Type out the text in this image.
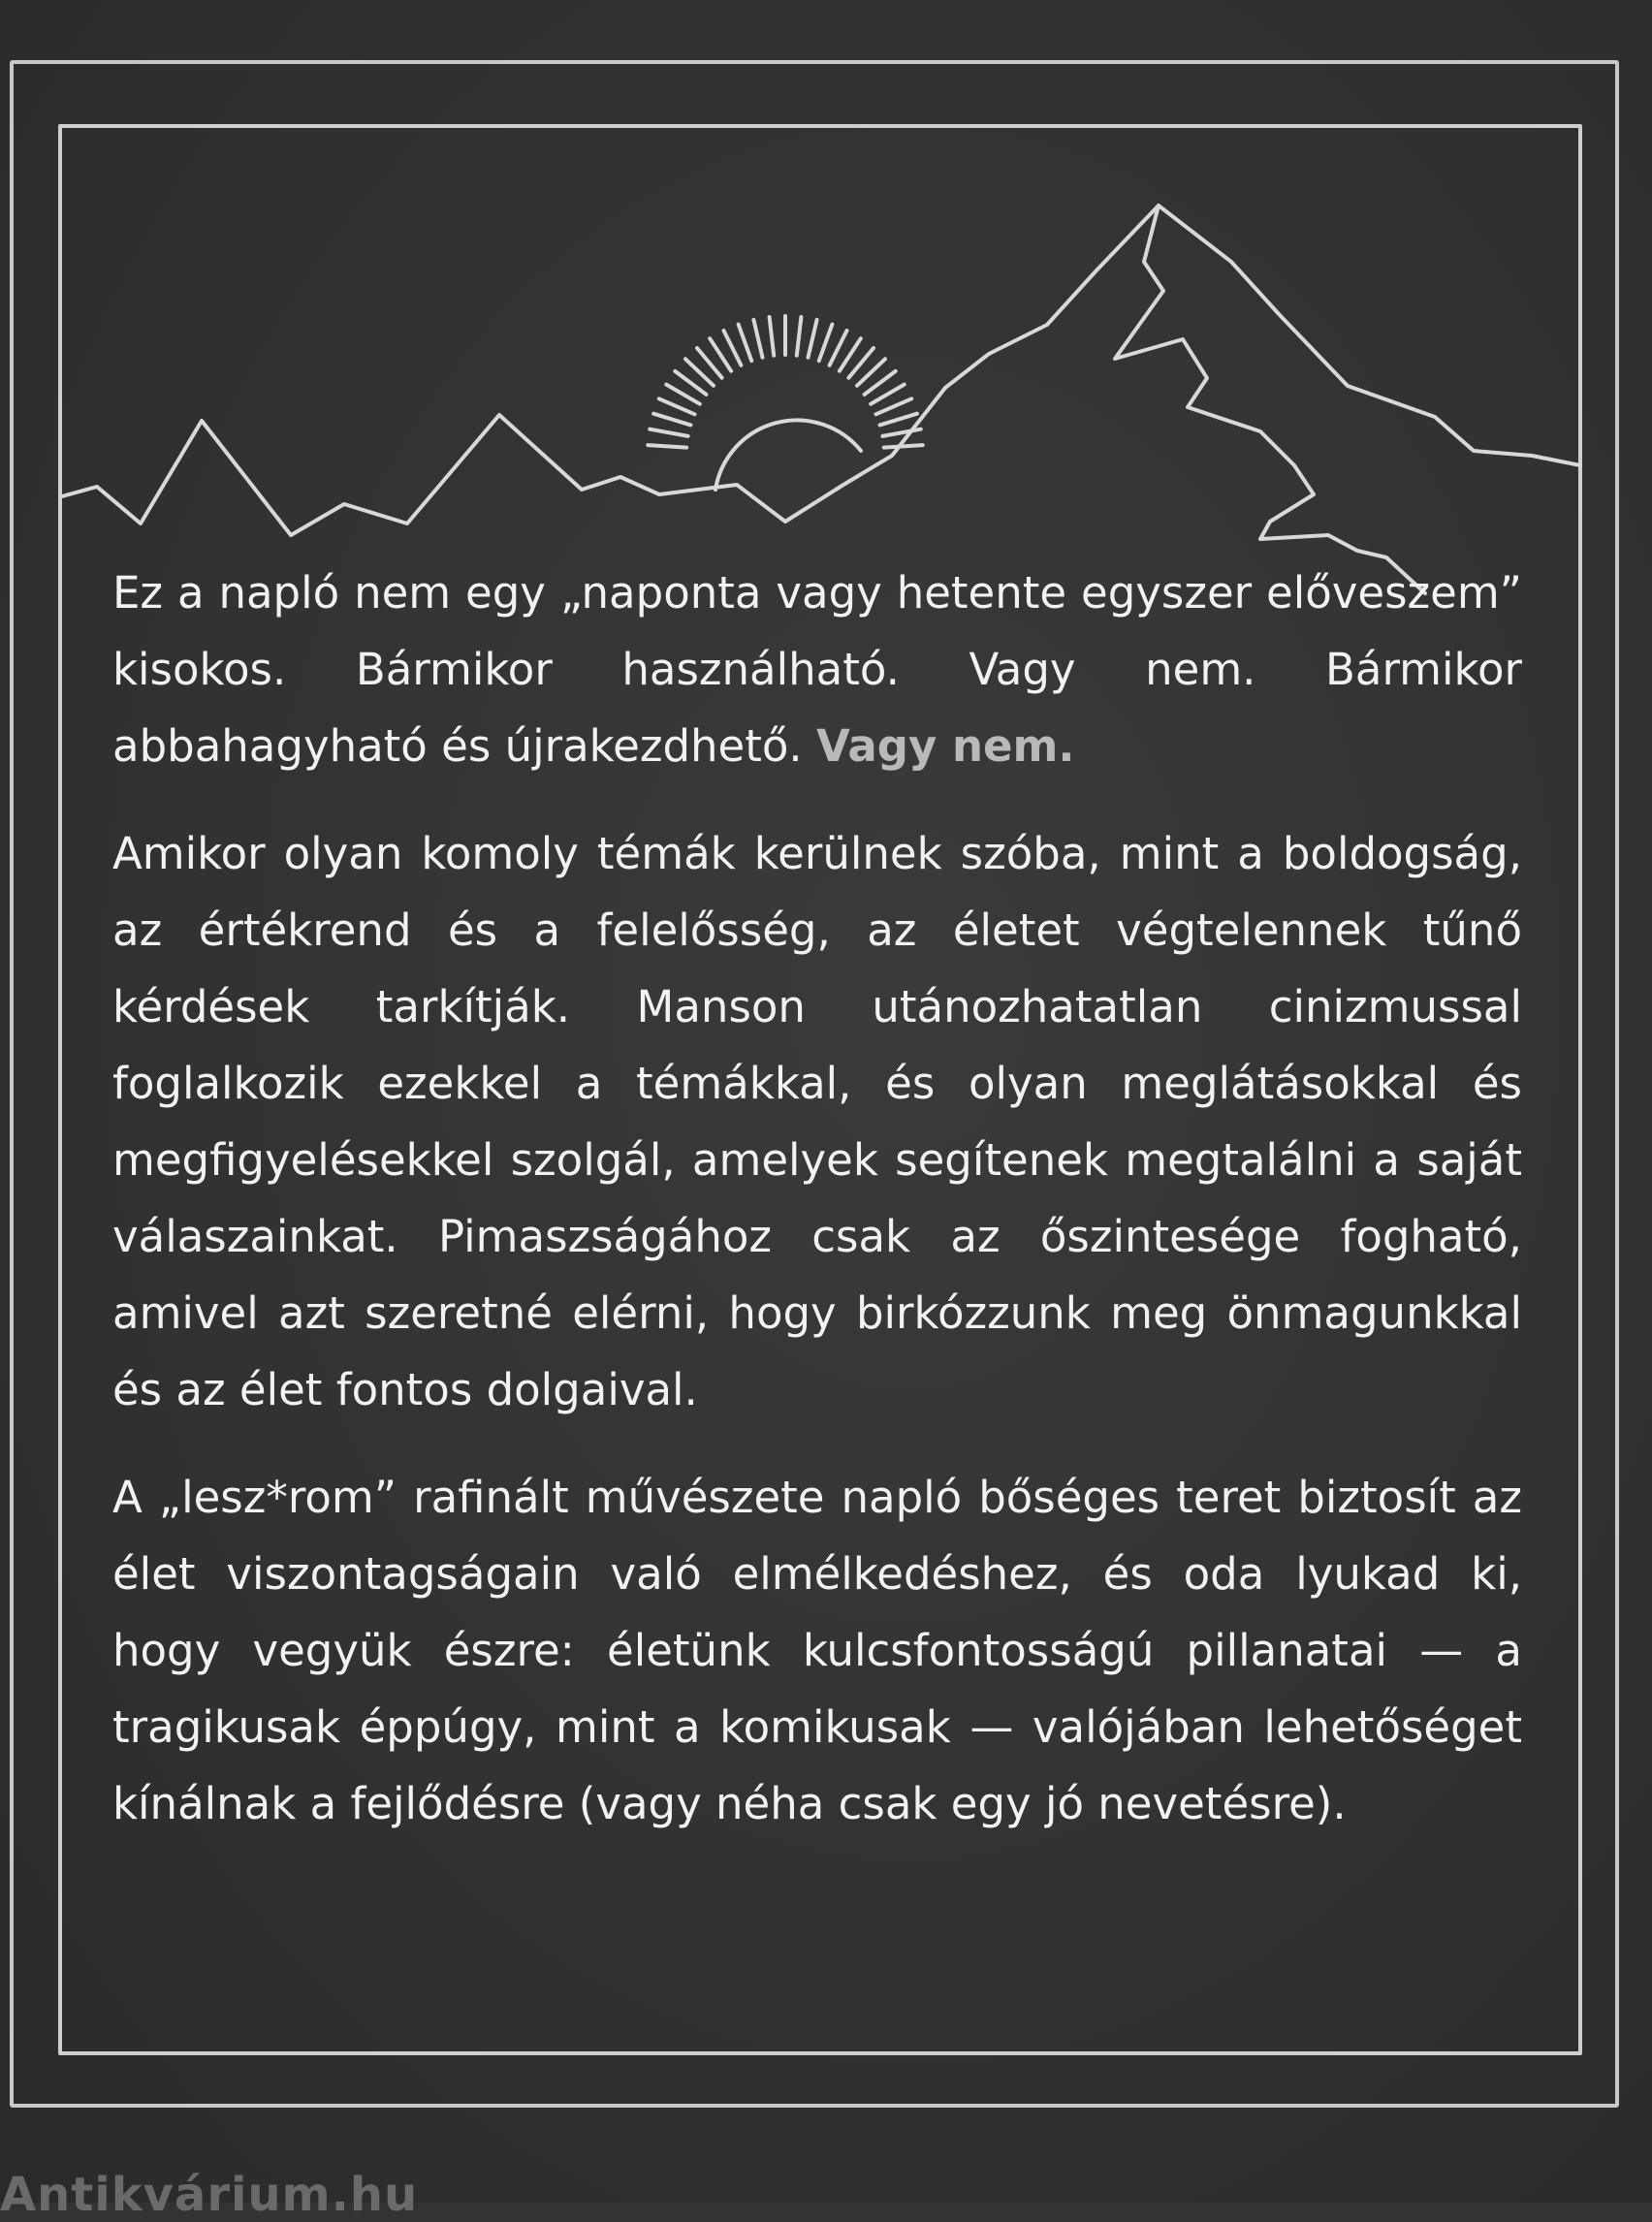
Ez a napló nem egy „naponta vagy hetente egyszer előveszem” kisokos. Bármikor használható. Vagy nem. Bármikor abbahagyható és újrakezdhető. Vagy nem.

Amikor olyan komoly témák kerülnek szóba, mint a boldogság, az értékrend és a felelősség, az életet végtelennek tűnő kérdések tarkítják. Manson utánozhatatlan cinizmussal foglalkozik ezekkel a témákkal, és olyan meglátásokkal és megfigyelésekkel szolgál, amelyek segítenek megtalálni a saját válaszainkat. Pimaszságához csak az őszintesége fogható, amivel azt szeretné elérni, hogy birkózzunk meg önmagunkkal és az élet fontos dolgaival.

A „lesz*rom” rafinált művészete napló bőséges teret biztosít az élet viszontagságain való elmélkedéshez, és oda lyukad ki, hogy vegyük észre: életünk kulcsfontosságú pillanatai — a tragikusak éppúgy, mint a komikusak — valójában lehetőséget kínálnak a fejlődésre (vagy néha csak egy jó nevetésre).

Antikvárium.hu
